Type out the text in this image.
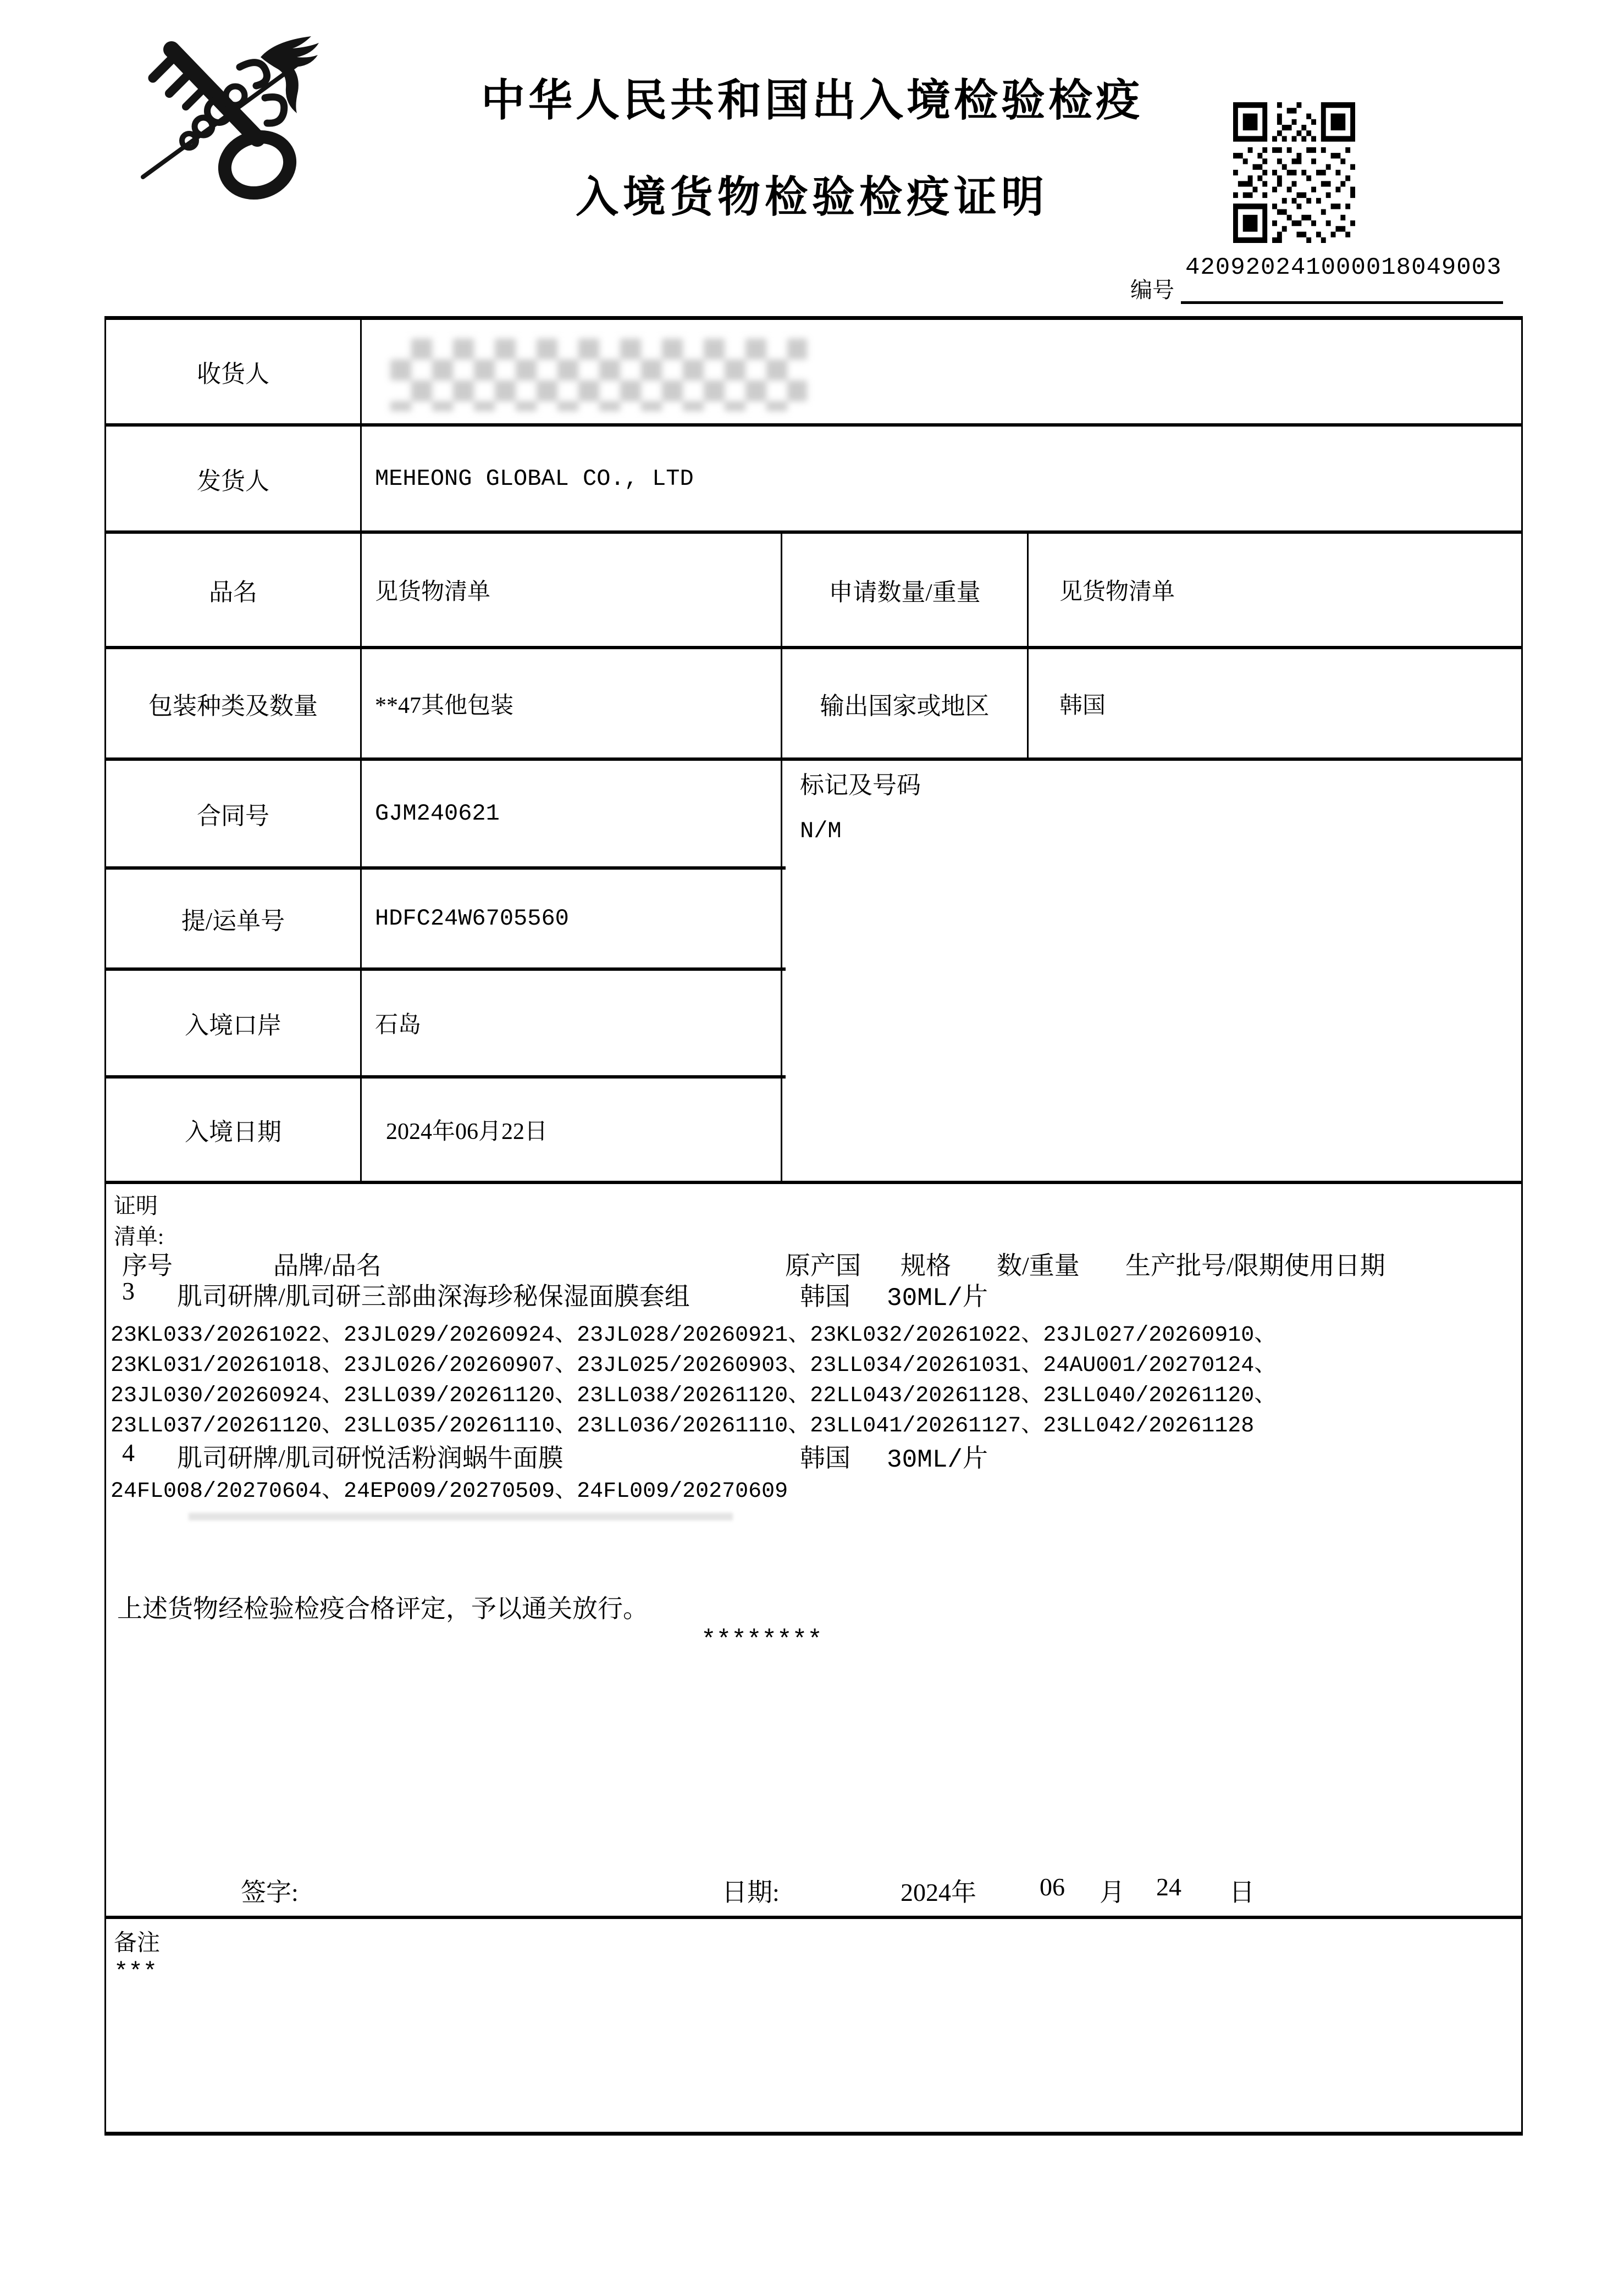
中华人民共和国出入境检验检疫
入境货物检验检疫证明
编号
420920241000018049003
收货人
发货人	MEHEONG GLOBAL CO., LTD
品名	见货物清单	申请数量/重量	见货物清单
包装种类及数量	**47其他包装	输出国家或地区	韩国
合同号	GJM240621
提/运单号	HDFC24W6705560
入境口岸	石岛
入境日期	2024年06月22日
证明
清单:
序号	品牌/品名	原产国 规格 数/重量 生产批号/限期使用日期
3 肌司研牌/肌司研三部曲深海珍秘保湿面膜套组	韩国 30ML/片
23KL033/20261022、23JL029/20260924、23JL028/20260921、23KL032/20261022、23JL027/20260910、
23KL031/20261018、23JL026/20260907、23JL025/20260903、23LL034/20261031、24AU001/20270124、
23JL030/20260924、23LL039/20261120、23LL038/20261120、22LL043/20261128、23LL040/20261120、
23LL037/20261120、23LL035/20261110、23LL036/20261110、23LL041/20261127、23LL042/20261128
4 肌司研牌/肌司研悦活粉润蜗牛面膜	韩国 30ML/片
24FL008/20270604、24EP009/20270509、24FL009/20270609
上述货物经检验检疫合格评定，予以通关放行。
********
签字:	日期:	2024年	06 月 24 日
备注
***
标记及号码
N/M
